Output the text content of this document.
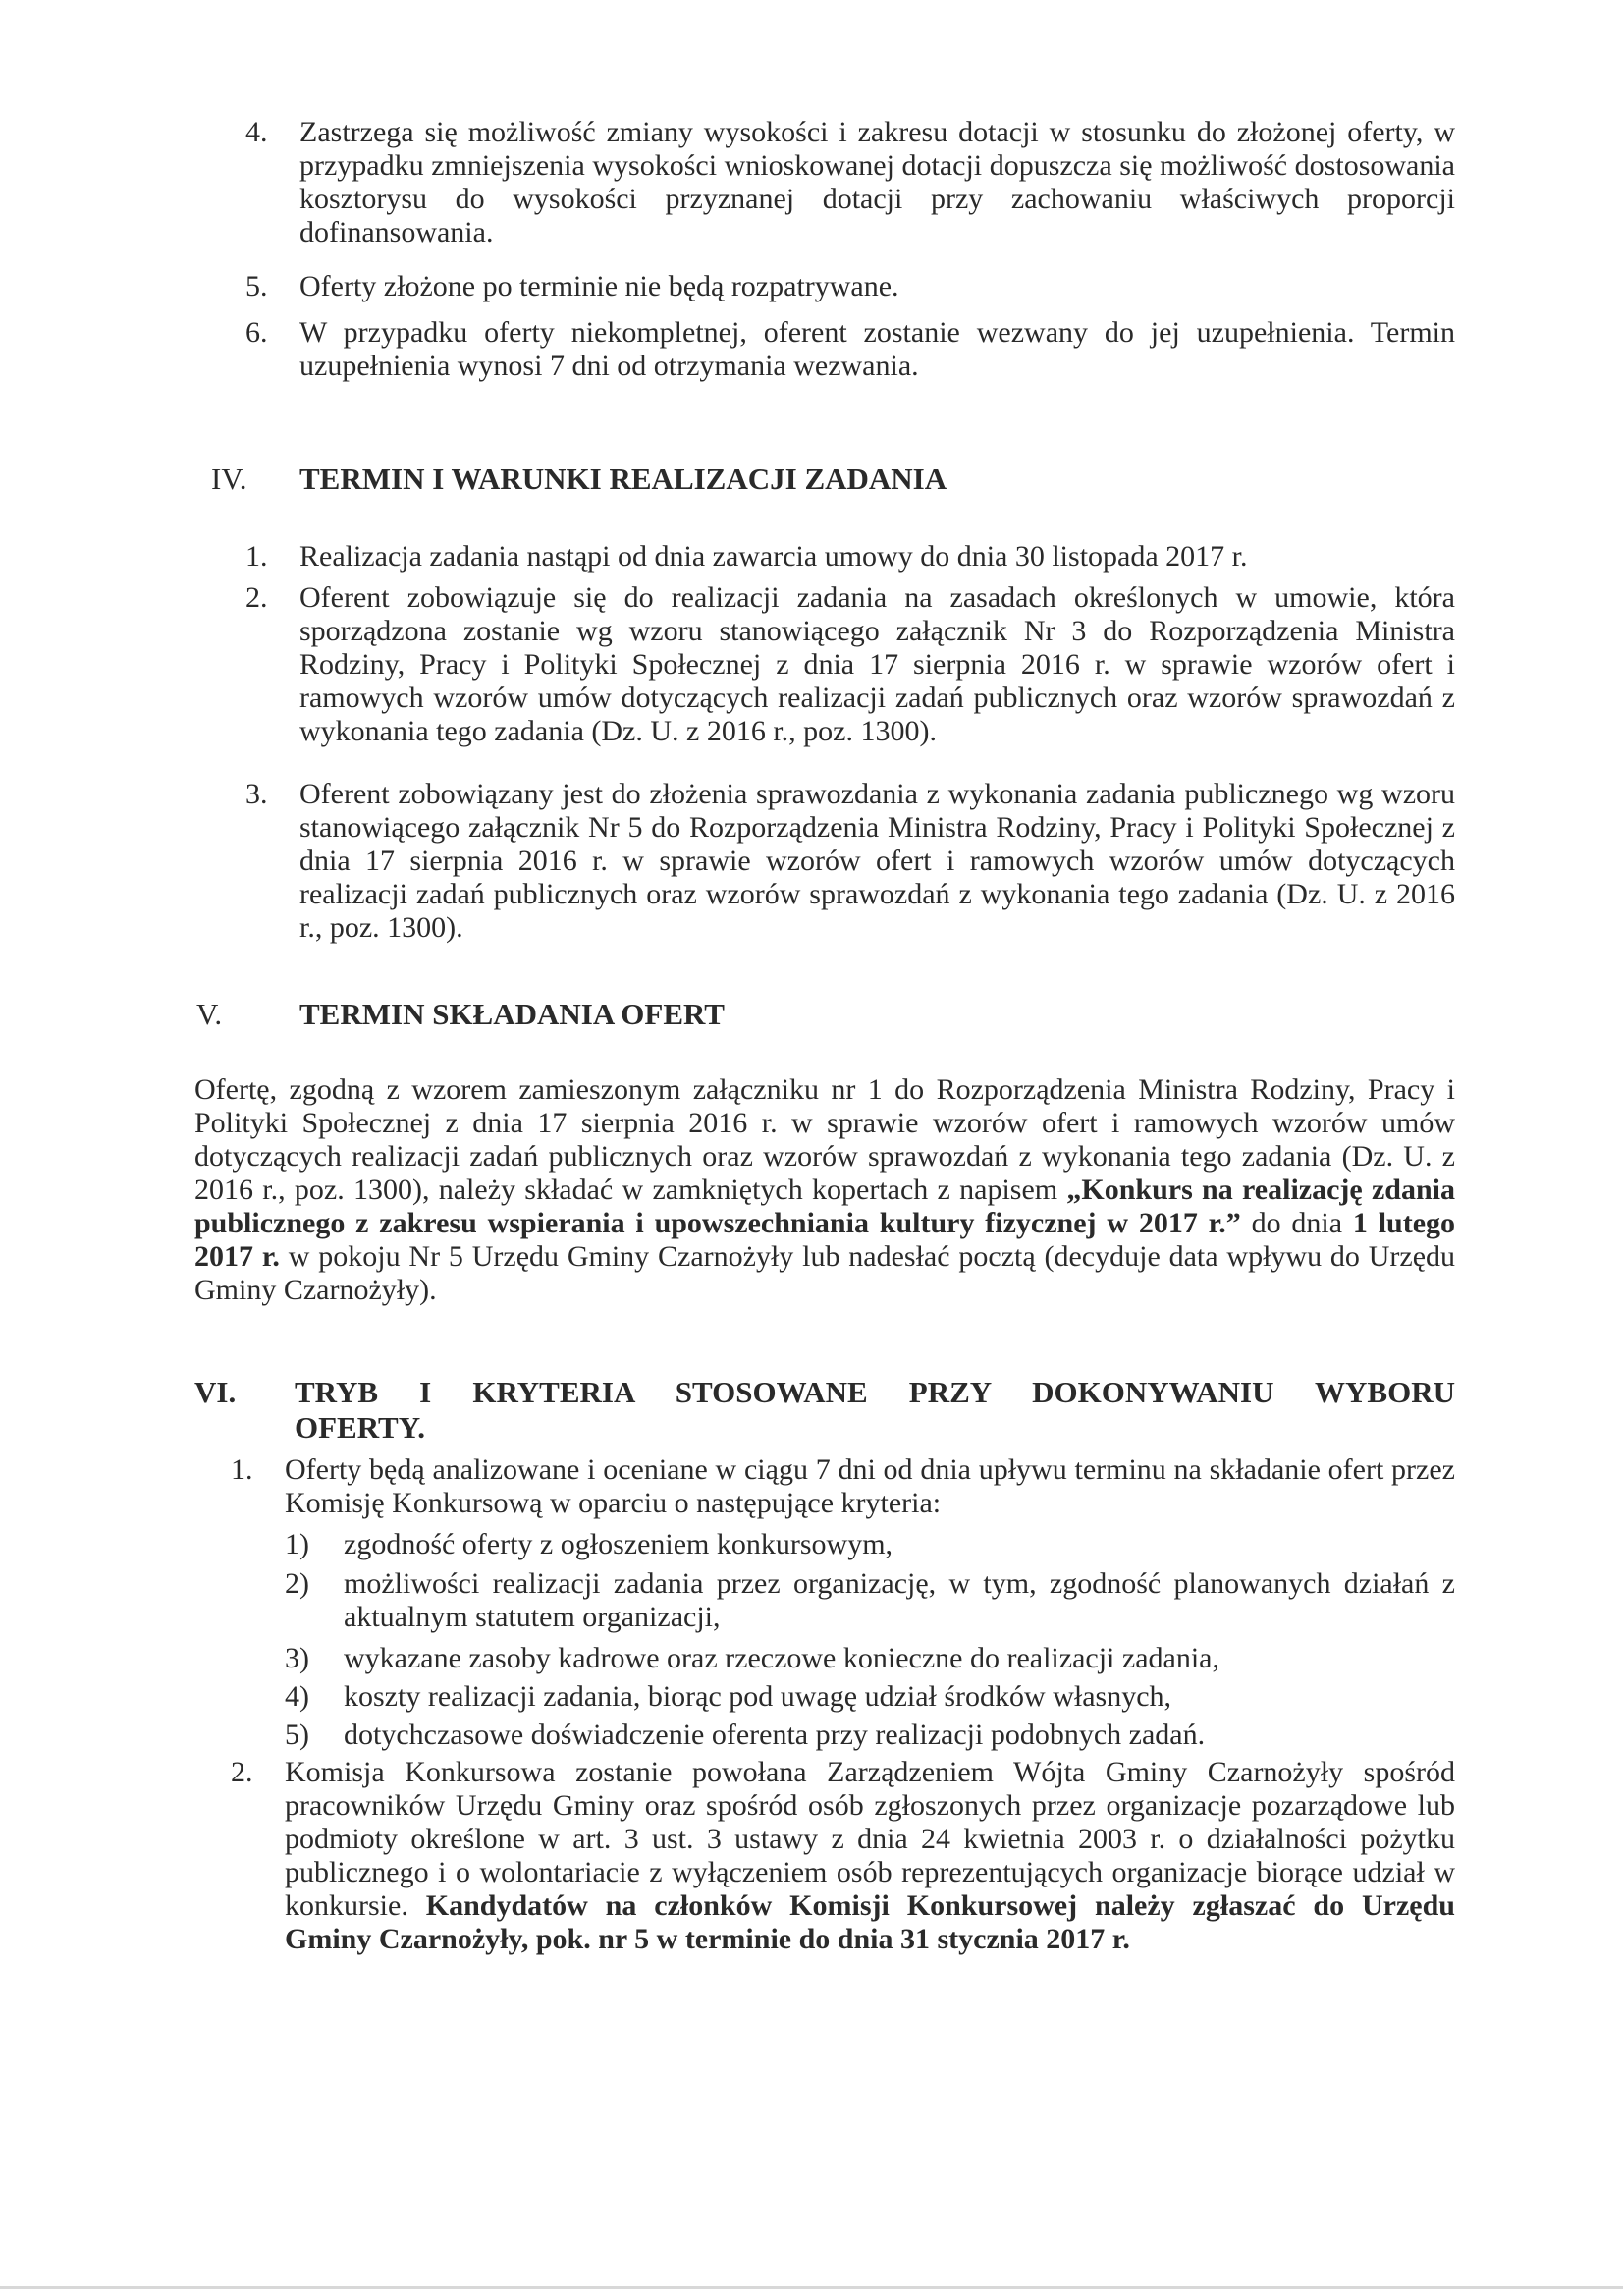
4.	Zastrzega się możliwość zmiany wysokości i zakresu dotacji w stosunku do złożonej oferty, w przypadku zmniejszenia wysokości wnioskowanej dotacji dopuszcza się możliwość dostosowania kosztorysu do wysokości przyznanej dotacji przy zachowaniu właściwych proporcji dofinansowania.
5.	Oferty złożone po terminie nie będą rozpatrywane.
6.	W przypadku oferty niekompletnej, oferent zostanie wezwany do jej uzupełnienia. Termin uzupełnienia wynosi 7 dni od otrzymania wezwania.
IV. TERMIN I WARUNKI REALIZACJI ZADANIA
1.	Realizacja zadania nastąpi od dnia zawarcia umowy do dnia 30 listopada 2017 r.
2.	Oferent zobowiązuje się do realizacji zadania na zasadach określonych w umowie, która sporządzona zostanie wg wzoru stanowiącego załącznik Nr 3 do Rozporządzenia Ministra Rodziny, Pracy i Polityki Społecznej z dnia 17 sierpnia 2016 r. w sprawie wzorów ofert i ramowych wzorów umów dotyczących realizacji zadań publicznych oraz wzorów sprawozdań z wykonania tego zadania (Dz. U. z 2016 r., poz. 1300).
3.	Oferent zobowiązany jest do złożenia sprawozdania z wykonania zadania publicznego wg wzoru stanowiącego załącznik Nr 5 do Rozporządzenia Ministra Rodziny, Pracy i Polityki Społecznej z dnia 17 sierpnia 2016 r. w sprawie wzorów ofert i ramowych wzorów umów dotyczących realizacji zadań publicznych oraz wzorów sprawozdań z wykonania tego zadania (Dz. U. z 2016 r., poz. 1300).
V.	TERMIN SKŁADANIA OFERT
Ofertę, zgodną z wzorem zamieszonym załączniku nr 1 do Rozporządzenia Ministra Rodziny, Pracy i Polityki Społecznej z dnia 17 sierpnia 2016 r. w sprawie wzorów ofert i ramowych wzorów umów dotyczących realizacji zadań publicznych oraz wzorów sprawozdań z wykonania tego zadania (Dz. U. z 2016 r., poz. 1300), należy składać w zamkniętych kopertach z napisem „Konkurs na realizację zdania publicznego z zakresu wspierania i upowszechniania kultury fizycznej w 2017 r.” do dnia 1 lutego 2017 r. w pokoju Nr 5 Urzędu Gminy Czarnożyły lub nadesłać pocztą (decyduje data wpływu do Urzędu Gminy Czarnożyły).
VI. TRYB I KRYTERIA STOSOWANE PRZY DOKONYWANIU WYBORU
OFERTY.
1.	Oferty będą analizowane i oceniane w ciągu 7 dni od dnia upływu terminu na składanie ofert przez Komisję Konkursową w oparciu o następujące kryteria:
1)	zgodność oferty z ogłoszeniem konkursowym,
2)	możliwości realizacji zadania przez organizację, w tym, zgodność planowanych działań z aktualnym statutem organizacji,
3)	wykazane zasoby kadrowe oraz rzeczowe konieczne do realizacji zadania,
4)	koszty realizacji zadania, biorąc pod uwagę udział środków własnych,
5)	dotychczasowe doświadczenie oferenta przy realizacji podobnych zadań.
2.	Komisja Konkursowa zostanie powołana Zarządzeniem Wójta Gminy Czarnożyły spośród pracowników Urzędu Gminy oraz spośród osób zgłoszonych przez organizacje pozarządowe lub podmioty określone w art. 3 ust. 3 ustawy z dnia 24 kwietnia 2003 r. o działalności pożytku publicznego i o wolontariacie z wyłączeniem osób reprezentujących organizacje biorące udział w konkursie. Kandydatów na członków Komisji Konkursowej należy zgłaszać do Urzędu Gminy Czarnożyły, pok. nr 5 w terminie do dnia 31 stycznia 2017 r.
